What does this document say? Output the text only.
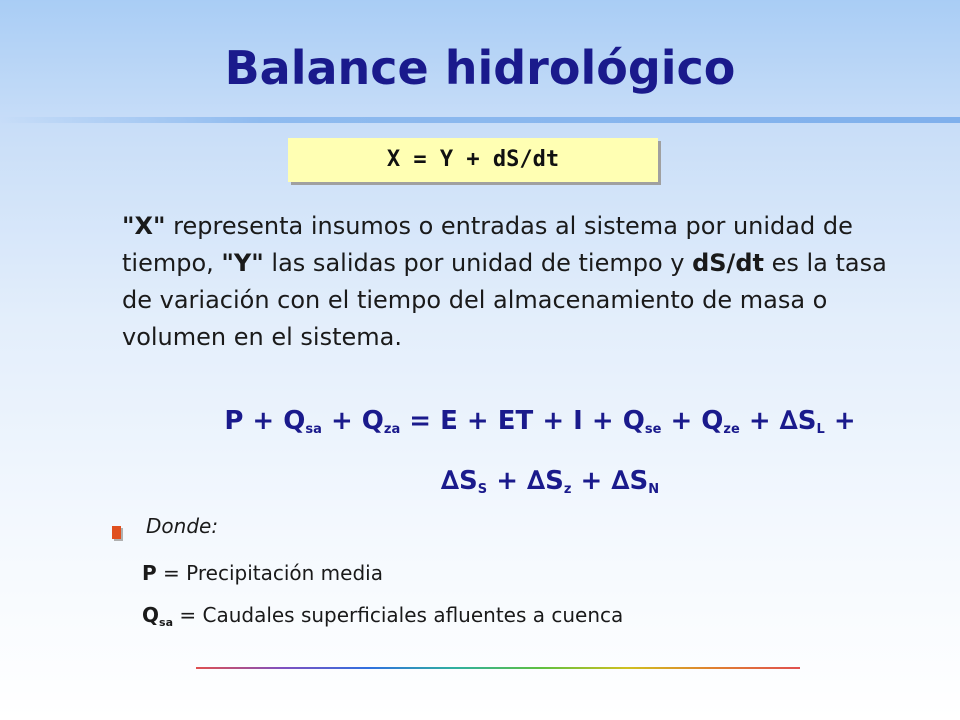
Balance hidrológico
X = Y + dS/dt
"X" representa insumos o entradas al sistema por unidad de tiempo, "Y" las salidas por unidad de tiempo y dS/dt es la tasa de variación con el tiempo del almacenamiento de masa o volumen en el sistema.
$P + Q_{sa} + Q_{za} = E$ + ET + $I + Q_{se} + Q_{ze} + \Delta S_L$ +
$\Delta S_S + \Delta S_z + \Delta S_N$
Donde:
P = Precipitación media
$Q_{sa}$ = Caudales superficiales afluentes a cuenca
